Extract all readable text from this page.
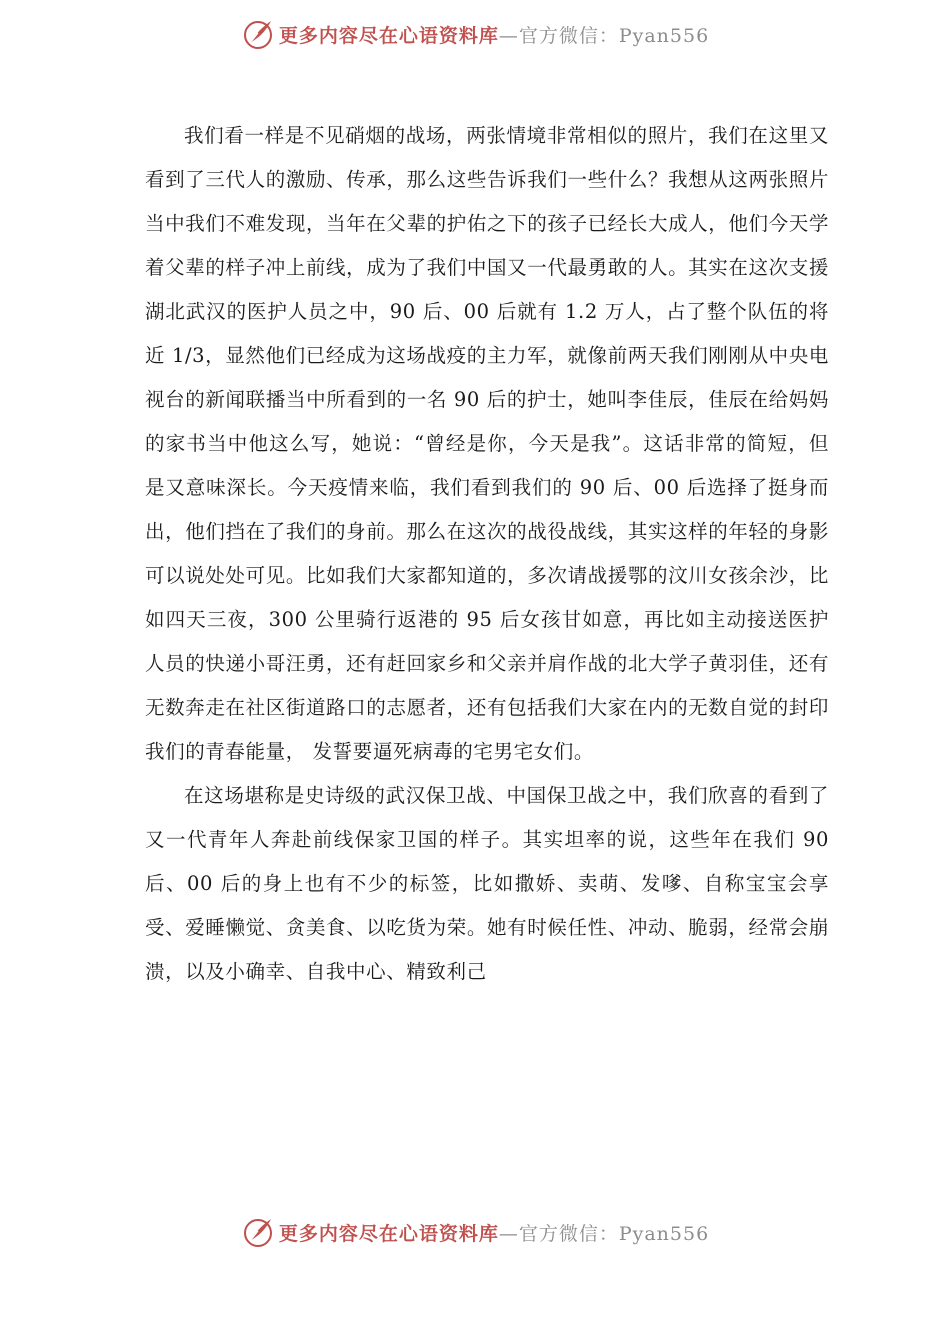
更多内容尽在心语资料库—官方微信：Pyan556

我们看一样是不见硝烟的战场，两张情境非常相似的照片，我们在这里又看到了三代人的激励、传承，那么这些告诉我们一些什么？我想从这两张照片当中我们不难发现，当年在父辈的护佑之下的孩子已经长大成人，他们今天学着父辈的样子冲上前线，成为了我们中国又一代最勇敢的人。其实在这次支援湖北武汉的医护人员之中，90 后、00 后就有 1.2 万人，占了整个队伍的将近 1/3，显然他们已经成为这场战疫的主力军，就像前两天我们刚刚从中央电视台的新闻联播当中所看到的一名 90 后的护士，她叫李佳辰，佳辰在给妈妈的家书当中他这么写，她说：“曾经是你，今天是我”。这话非常的简短，但是又意味深长。今天疫情来临，我们看到我们的 90 后、00 后选择了挺身而出，他们挡在了我们的身前。那么在这次的战役战线，其实这样的年轻的身影可以说处处可见。比如我们大家都知道的，多次请战援鄂的汶川女孩余沙，比如四天三夜，300 公里骑行返港的 95 后女孩甘如意，再比如主动接送医护人员的快递小哥汪勇，还有赶回家乡和父亲并肩作战的北大学子黄羽佳，还有无数奔走在社区街道路口的志愿者，还有包括我们大家在内的无数自觉的封印我们的青春能量， 发誓要逼死病毒的宅男宅女们。

在这场堪称是史诗级的武汉保卫战、中国保卫战之中，我们欣喜的看到了又一代青年人奔赴前线保家卫国的样子。其实坦率的说，这些年在我们 90 后、00 后的身上也有不少的标签，比如撒娇、卖萌、发嗲、自称宝宝会享受、爱睡懒觉、贪美食、以吃货为荣。她有时候任性、冲动、脆弱，经常会崩溃，以及小确幸、自我中心、精致利己

更多内容尽在心语资料库—官方微信：Pyan556
